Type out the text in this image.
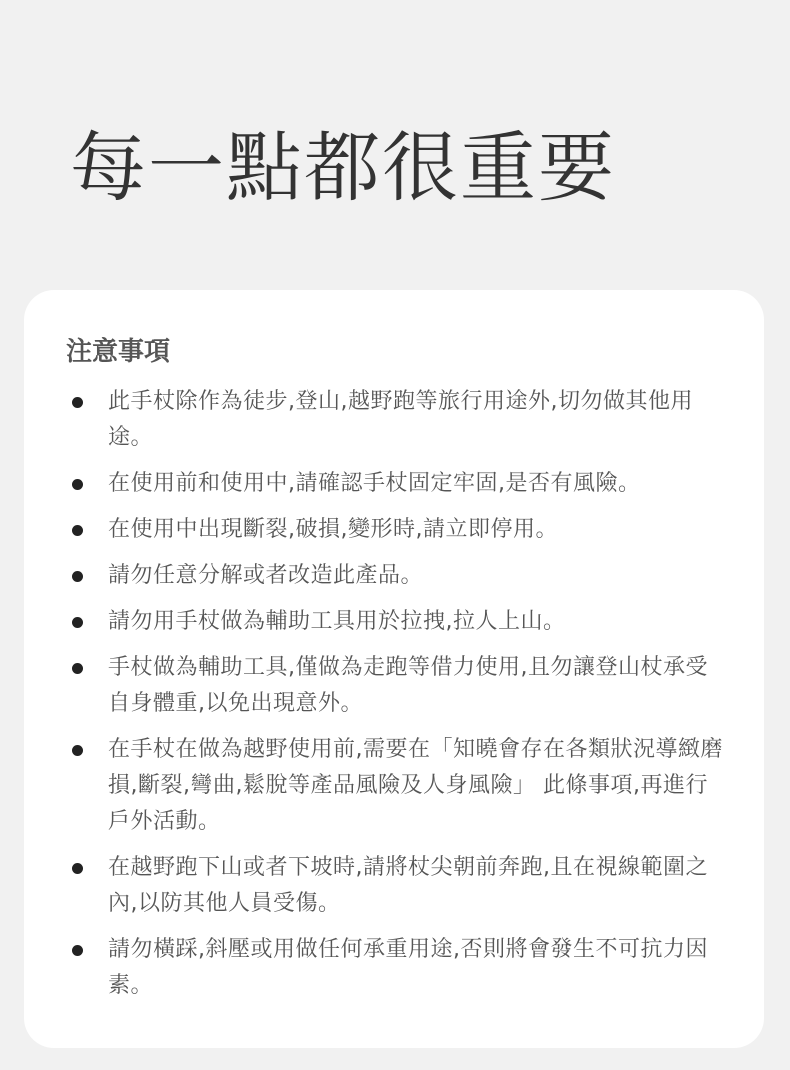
每一點都很重要
注意事項
此手杖除作為徒步,登山,越野跑等旅行用途外,切勿做其他用途。
在使用前和使用中,請確認手杖固定牢固,是否有風險。
在使用中出現斷裂,破損,變形時,請立即停用。
請勿任意分解或者改造此產品。
請勿用手杖做為輔助工具用於拉拽,拉人上山。
手杖做為輔助工具,僅做為走跑等借力使用,且勿讓登山杖承受自身體重,以免出現意外。
在手杖在做為越野使用前,需要在「知曉會存在各類狀況導緻磨損,斷裂,彎曲,鬆脫等產品風險及人身風險」 此條事項,再進行戶外活動。
在越野跑下山或者下坡時,請將杖尖朝前奔跑,且在視線範圍之內,以防其他人員受傷。
請勿橫踩,斜壓或用做任何承重用途,否則將會發生不可抗力因素。
